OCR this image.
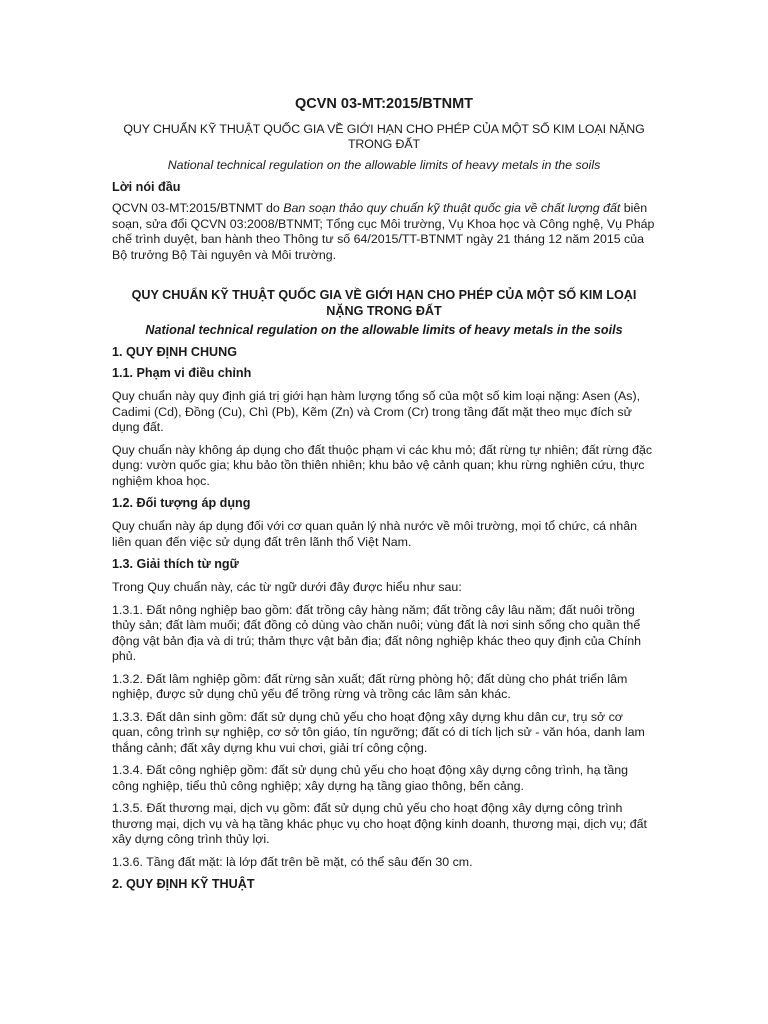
QCVN 03-MT:2015/BTNMT
QUY CHUẨN KỸ THUẬT QUỐC GIA VỀ GIỚI HẠN CHO PHÉP CỦA MỘT SỐ KIM LOẠI NẶNG TRONG ĐẤT
National technical regulation on the allowable limits of heavy metals in the soils
Lời nói đầu

QCVN 03-MT:2015/BTNMT do Ban soạn thảo quy chuẩn kỹ thuật quốc gia về chất lượng đất biên soạn, sửa đổi QCVN 03:2008/BTNMT; Tổng cục Môi trường, Vụ Khoa học và Công nghệ, Vụ Pháp chế trình duyệt, ban hành theo Thông tư số 64/2015/TT-BTNMT ngày 21 tháng 12 năm 2015 của Bộ trưởng Bộ Tài nguyên và Môi trường.

QUY CHUẨN KỸ THUẬT QUỐC GIA VỀ GIỚI HẠN CHO PHÉP CỦA MỘT SỐ KIM LOẠI NẶNG TRONG ĐẤT
National technical regulation on the allowable limits of heavy metals in the soils
1. QUY ĐỊNH CHUNG
1.1. Phạm vi điều chỉnh

Quy chuẩn này quy định giá trị giới hạn hàm lượng tổng số của một số kim loại nặng: Asen (As), Cadimi (Cd), Đồng (Cu), Chì (Pb), Kẽm (Zn) và Crom (Cr) trong tầng đất mặt theo mục đích sử dụng đất.

Quy chuẩn này không áp dụng cho đất thuộc phạm vi các khu mỏ; đất rừng tự nhiên; đất rừng đặc dụng: vườn quốc gia; khu bảo tồn thiên nhiên; khu bảo vệ cảnh quan; khu rừng nghiên cứu, thực nghiệm khoa học.

1.2. Đối tượng áp dụng

Quy chuẩn này áp dụng đối với cơ quan quản lý nhà nước về môi trường, mọi tổ chức, cá nhân liên quan đến việc sử dụng đất trên lãnh thổ Việt Nam.

1.3. Giải thích từ ngữ

Trong Quy chuẩn này, các từ ngữ dưới đây được hiểu như sau:

1.3.1. Đất nông nghiệp bao gồm: đất trồng cây hàng năm; đất trồng cây lâu năm; đất nuôi trồng thủy sản; đất làm muối; đất đồng cỏ dùng vào chăn nuôi; vùng đất là nơi sinh sống cho quần thể động vật bản địa và di trú; thảm thực vật bản địa; đất nông nghiệp khác theo quy định của Chính phủ.

1.3.2. Đất lâm nghiệp gồm: đất rừng sản xuất; đất rừng phòng hộ; đất dùng cho phát triển lâm nghiệp, được sử dụng chủ yếu để trồng rừng và trồng các lâm sản khác.

1.3.3. Đất dân sinh gồm: đất sử dụng chủ yếu cho hoạt động xây dựng khu dân cư, trụ sở cơ quan, công trình sự nghiệp, cơ sở tôn giáo, tín ngưỡng; đất có di tích lịch sử - văn hóa, danh lam thắng cảnh; đất xây dựng khu vui chơi, giải trí công cộng.

1.3.4. Đất công nghiệp gồm: đất sử dụng chủ yếu cho hoạt động xây dựng công trình, hạ tầng công nghiệp, tiểu thủ công nghiệp; xây dựng hạ tầng giao thông, bến cảng.

1.3.5. Đất thương mại, dịch vụ gồm: đất sử dụng chủ yếu cho hoạt động xây dựng công trình thương mại, dịch vụ và hạ tầng khác phục vụ cho hoạt động kinh doanh, thương mại, dịch vụ; đất xây dựng công trình thủy lợi.

1.3.6. Tầng đất mặt: là lớp đất trên bề mặt, có thể sâu đến 30 cm.

2. QUY ĐỊNH KỸ THUẬT
